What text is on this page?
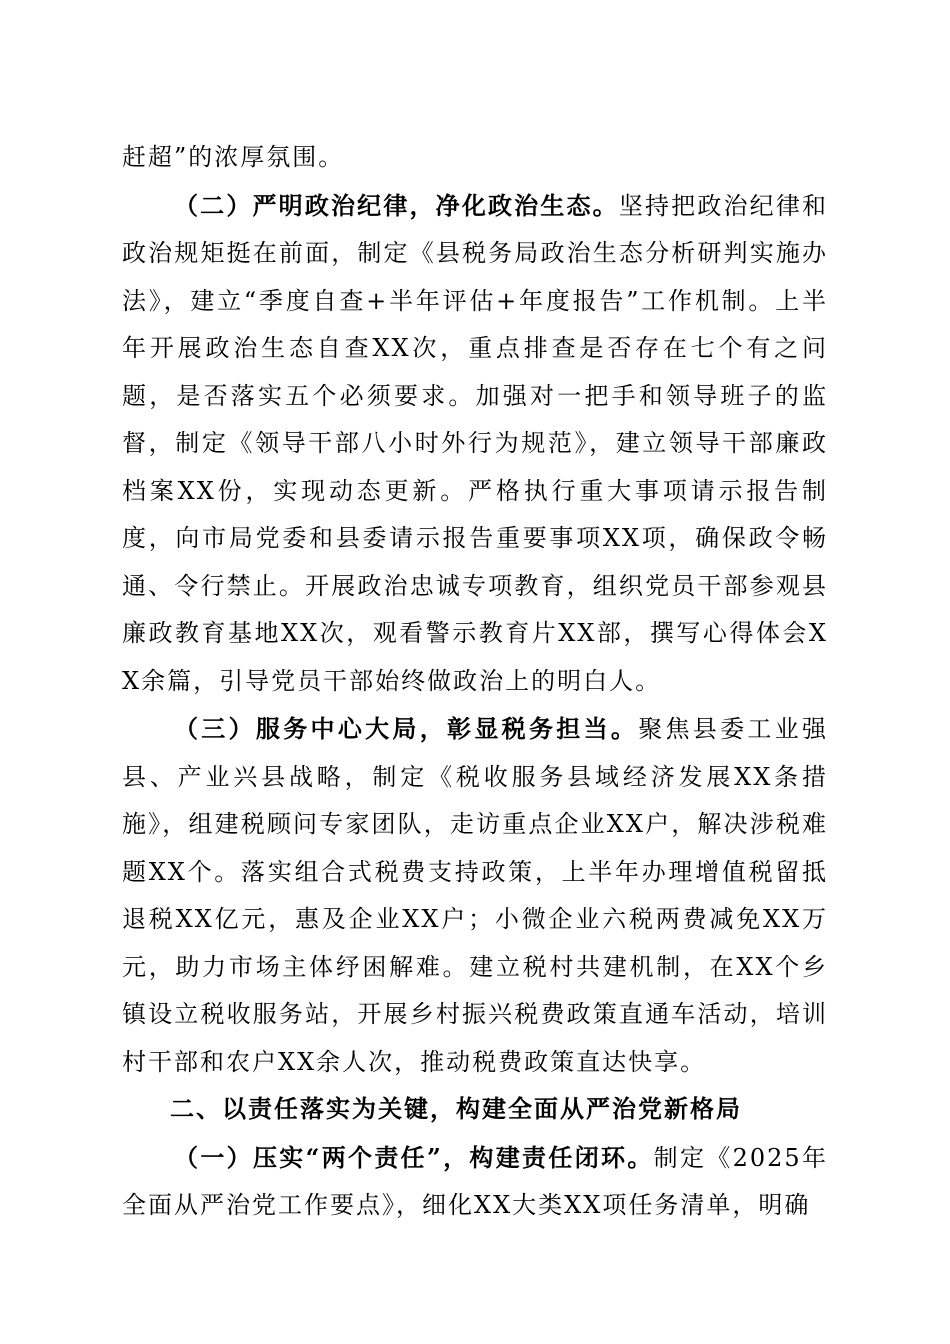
赶超”的浓厚氛围。

（二）严明政治纪律，净化政治生态。坚持把政治纪律和政治规矩挺在前面，制定《县税务局政治生态分析研判实施办法》，建立“季度自查+半年评估+年度报告”工作机制。上半年开展政治生态自查XX次，重点排查是否存在七个有之问题，是否落实五个必须要求。加强对一把手和领导班子的监督，制定《领导干部八小时外行为规范》，建立领导干部廉政档案XX份，实现动态更新。严格执行重大事项请示报告制度，向市局党委和县委请示报告重要事项XX项，确保政令畅通、令行禁止。开展政治忠诚专项教育，组织党员干部参观县廉政教育基地XX次，观看警示教育片XX部，撰写心得体会XX余篇，引导党员干部始终做政治上的明白人。

（三）服务中心大局，彰显税务担当。聚焦县委工业强县、产业兴县战略，制定《税收服务县域经济发展XX条措施》，组建税顾问专家团队，走访重点企业XX户，解决涉税难题XX个。落实组合式税费支持政策，上半年办理增值税留抵退税XX亿元，惠及企业XX户；小微企业六税两费减免XX万元，助力市场主体纾困解难。建立税村共建机制，在XX个乡镇设立税收服务站，开展乡村振兴税费政策直通车活动，培训村干部和农户XX余人次，推动税费政策直达快享。

二、以责任落实为关键，构建全面从严治党新格局

（一）压实“两个责任”，构建责任闭环。制定《2025年全面从严治党工作要点》，细化XX大类XX项任务清单，明确
